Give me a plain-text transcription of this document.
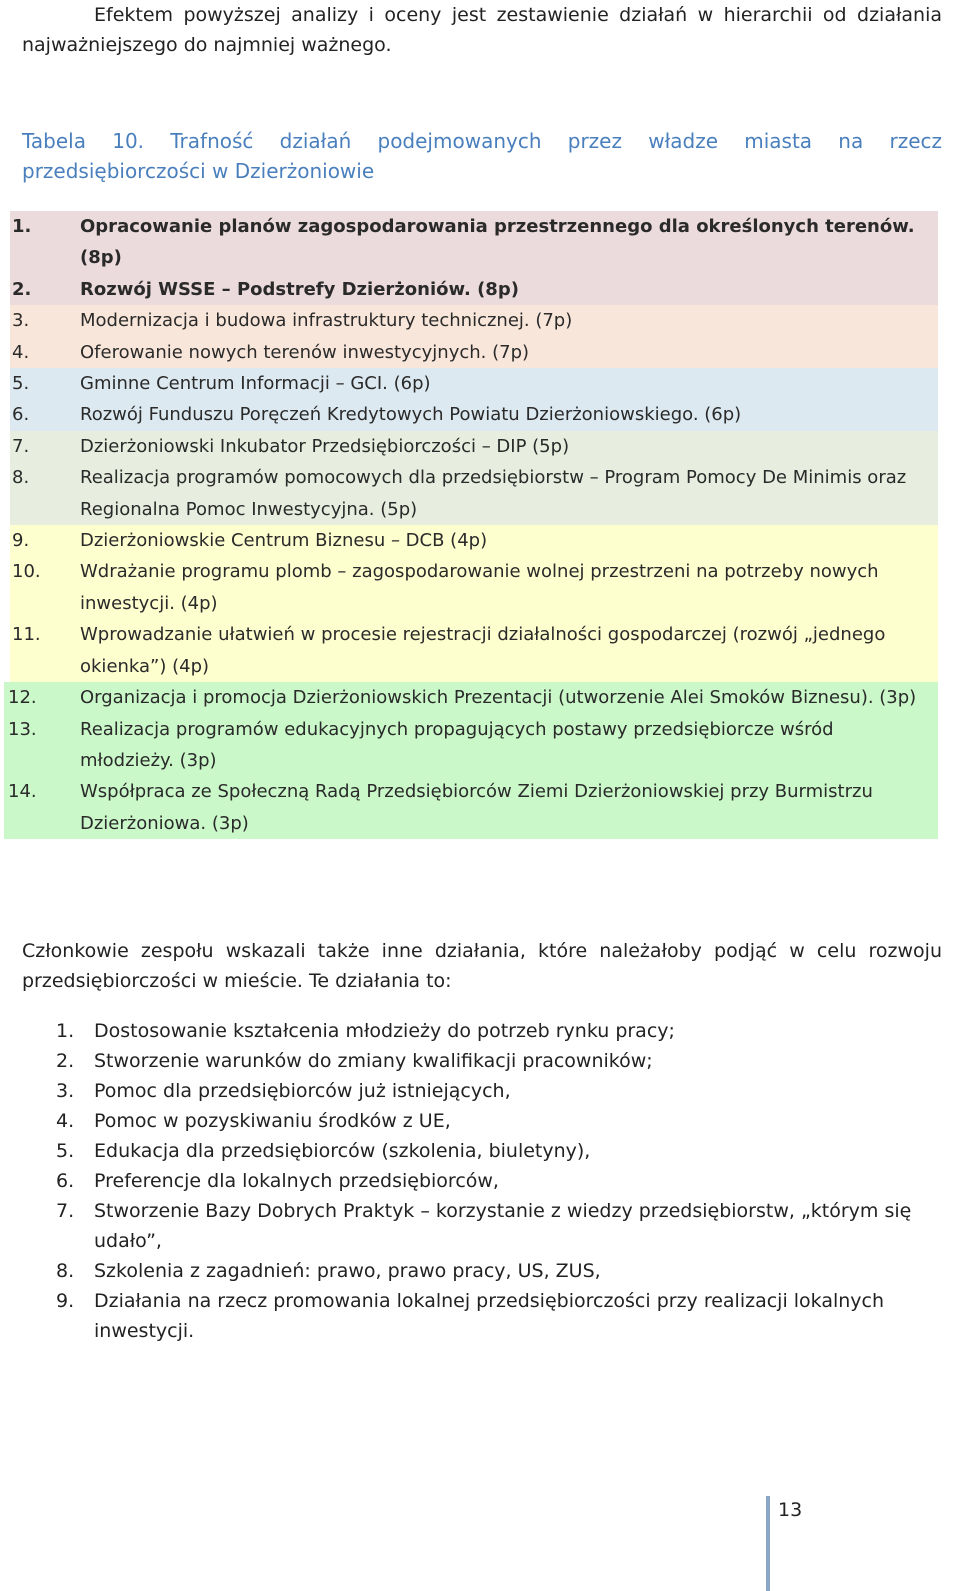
Efektem powyższej analizy i oceny jest zestawienie działań w hierarchii od działania najważniejszego do najmniej ważnego.
Tabela 10. Trafność działań podejmowanych przez władze miasta na rzecz przedsiębiorczości w Dzierżoniowie
1.	Opracowanie planów zagospodarowania przestrzennego dla określonych terenów. (8p)
2.	Rozwój WSSE – Podstrefy Dzierżoniów. (8p)
3.	Modernizacja i budowa infrastruktury technicznej. (7p)
4.	Oferowanie nowych terenów inwestycyjnych. (7p)
5.	Gminne Centrum Informacji – GCI. (6p)
6.	Rozwój Funduszu Poręczeń Kredytowych Powiatu Dzierżoniowskiego. (6p)
7.	Dzierżoniowski Inkubator Przedsiębiorczości – DIP (5p)
8.	Realizacja programów pomocowych dla przedsiębiorstw – Program Pomocy De Minimis oraz Regionalna Pomoc Inwestycyjna. (5p)
9.	Dzierżoniowskie Centrum Biznesu – DCB (4p)
10.	Wdrażanie programu plomb – zagospodarowanie wolnej przestrzeni na potrzeby nowych inwestycji. (4p)
11.	Wprowadzanie ułatwień w procesie rejestracji działalności gospodarczej (rozwój „jednego okienka”) (4p)
12.	Organizacja i promocja Dzierżoniowskich Prezentacji (utworzenie Alei Smoków Biznesu). (3p)
13.	Realizacja programów edukacyjnych propagujących postawy przedsiębiorcze wśród młodzieży. (3p)
14.	Współpraca ze Społeczną Radą Przedsiębiorców Ziemi Dzierżoniowskiej przy Burmistrzu Dzierżoniowa. (3p)
Członkowie zespołu wskazali także inne działania, które należałoby podjąć w celu rozwoju przedsiębiorczości w mieście. Te działania to:
1.	Dostosowanie kształcenia młodzieży do potrzeb rynku pracy;
2.	Stworzenie warunków do zmiany kwalifikacji pracowników;
3.	Pomoc dla przedsiębiorców już istniejących,
4.	Pomoc w pozyskiwaniu środków z UE,
5.	Edukacja dla przedsiębiorców (szkolenia, biuletyny),
6.	Preferencje dla lokalnych przedsiębiorców,
7.	Stworzenie Bazy Dobrych Praktyk – korzystanie z wiedzy przedsiębiorstw, „którym się udało”,
8.	Szkolenia z zagadnień: prawo, prawo pracy, US, ZUS,
9.	Działania na rzecz promowania lokalnej przedsiębiorczości przy realizacji lokalnych inwestycji.
13
